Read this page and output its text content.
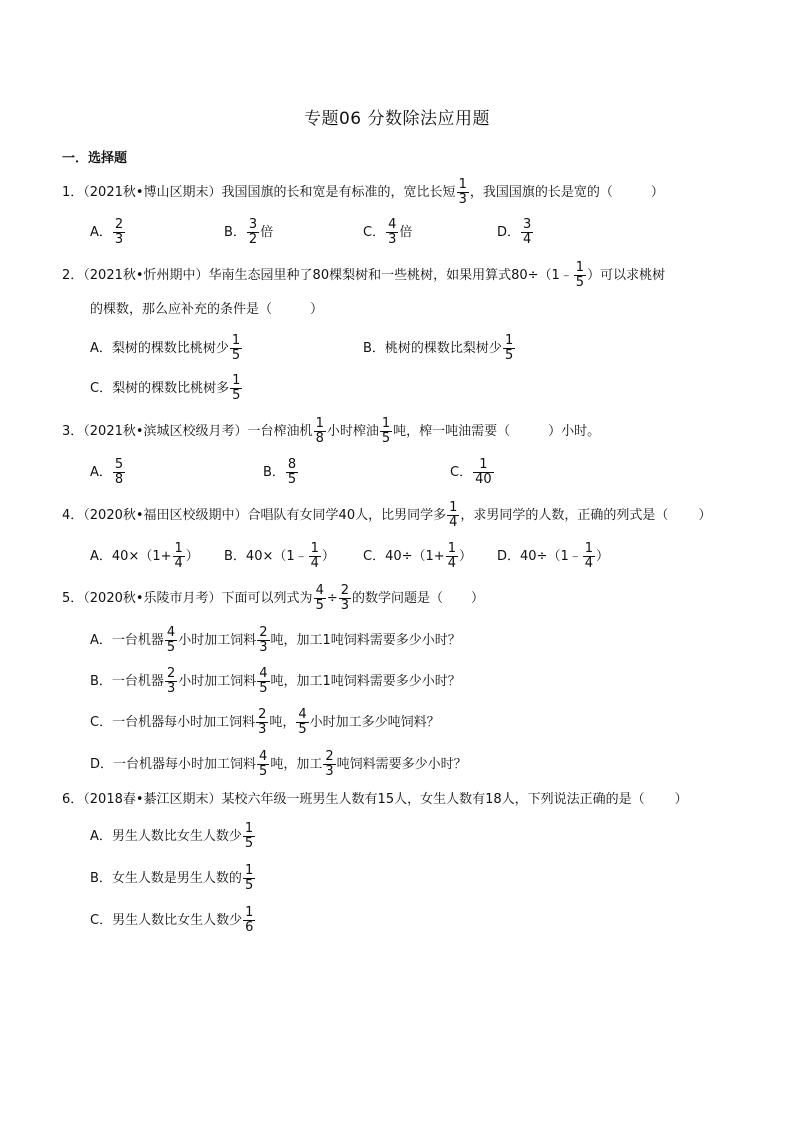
专题06 分数除法应用题
一．选择题
1．（2021秋•博山区期末）我国国旗的长和宽是有标准的，宽比长短 $\frac{1}{3}$ ，我国国旗的长是宽的（	）
A． $\frac{2}{3}$	B． $\frac{3}{2}$ 倍	C． $\frac{4}{3}$ 倍	D． $\frac{3}{4}$
2．（2021秋•忻州期中）华南生态园里种了80棵梨树和一些桃树，如果用算式80÷（1﹣ $\frac{1}{5}$ ）可以求桃树
的棵数，那么应补充的条件是（	）
A．梨树的棵数比桃树少 $\frac{1}{5}$	B．桃树的棵数比梨树少 $\frac{1}{5}$
C．梨树的棵数比桃树多 $\frac{1}{5}$
3．（2021秋•滨城区校级月考）一台榨油机 $\frac{1}{8}$ 小时榨油 $\frac{1}{5}$ 吨，榨一吨油需要（	）小时。
A． $\frac{5}{8}$	B． $\frac{8}{5}$	C． $\frac{1}{40}$
4．（2020秋•福田区校级期中）合唱队有女同学40人，比男同学多 $\frac{1}{4}$ ，求男同学的人数，正确的列式是（ ）
A．$40\times(1+ \frac{1}{4}$ ） B．40×（1﹣ $\frac{1}{4}$ ） C．$40\div(1+ \frac{1}{4}$ ） D．40÷（1﹣ $\frac{1}{4}$ ）
5．（2020秋•乐陵市月考）下面可以列式为 $\frac{4}{5} \div \frac{2}{3}$ 的数学问题是（ ）
A．一台机器 $\frac{4}{5}$ 小时加工饲料 $\frac{2}{3}$ 吨，加工1吨饲料需要多少小时？
B．一台机器 $\frac{2}{3}$ 小时加工饲料 $\frac{4}{5}$ 吨，加工1吨饲料需要多少小时？
C．一台机器每小时加工饲料 $\frac{2}{3}$ 吨， $\frac{4}{5}$ 小时加工多少吨饲料？
D．一台机器每小时加工饲料 $\frac{4}{5}$ 吨，加工 $\frac{2}{3}$ 吨饲料需要多少小时？
6．（2018春•綦江区期末）某校六年级一班男生人数有15人，女生人数有18人，下列说法正确的是（ ）
A．男生人数比女生人数少 $\frac{1}{5}$
B．女生人数是男生人数的 $\frac{1}{5}$
C．男生人数比女生人数少 $\frac{1}{6}$
